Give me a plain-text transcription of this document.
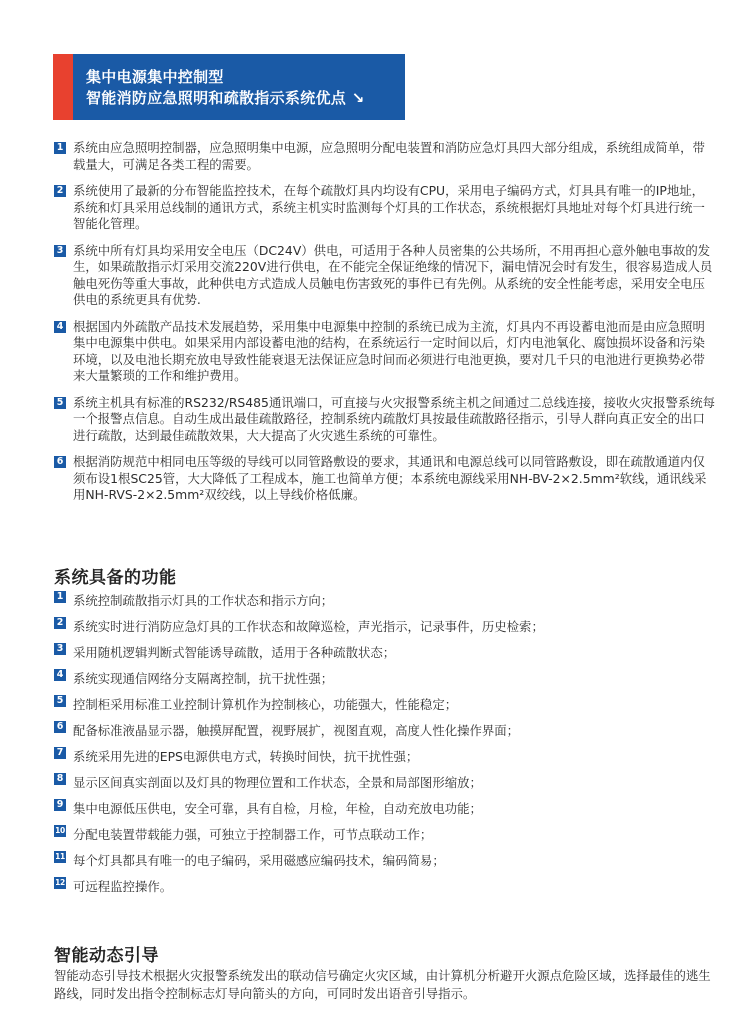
集中电源集中控制型
智能消防应急照明和疏散指示系统优点 ↘
1 系统由应急照明控制器，应急照明集中电源，应急照明分配电装置和消防应急灯具四大部分组成，系统组成简单，带载量大，可满足各类工程的需要。
2 系统使用了最新的分布智能监控技术，在每个疏散灯具内均设有CPU，采用电子编码方式，灯具具有唯一的IP地址，系统和灯具采用总线制的通讯方式，系统主机实时监测每个灯具的工作状态，系统根据灯具地址对每个灯具进行统一智能化管理。
3 系统中所有灯具均采用安全电压（DC24V）供电，可适用于各种人员密集的公共场所，不用再担心意外触电事故的发生，如果疏散指示灯采用交流220V进行供电，在不能完全保证绝缘的情况下，漏电情况会时有发生，很容易造成人员触电死伤等重大事故，此种供电方式造成人员触电伤害致死的事件已有先例。从系统的安全性能考虑，采用安全电压供电的系统更具有优势.
4 根据国内外疏散产品技术发展趋势，采用集中电源集中控制的系统已成为主流，灯具内不再设蓄电池而是由应急照明集中电源集中供电。如果采用内部设蓄电池的结构，在系统运行一定时间以后，灯内电池氧化、腐蚀损坏设备和污染环境，以及电池长期充放电导致性能衰退无法保证应急时间而必须进行电池更换，要对几千只的电池进行更换势必带来大量繁琐的工作和维护费用。
5 系统主机具有标准的RS232/RS485通讯端口，可直接与火灾报警系统主机之间通过二总线连接，接收火灾报警系统每一个报警点信息。自动生成出最佳疏散路径，控制系统内疏散灯具按最佳疏散路径指示，引导人群向真正安全的出口进行疏散，达到最佳疏散效果，大大提高了火灾逃生系统的可靠性。
6 根据消防规范中相同电压等级的导线可以同管路敷设的要求，其通讯和电源总线可以同管路敷设，即在疏散通道内仅须布设1根SC25管，大大降低了工程成本，施工也简单方便；本系统电源线采用NH-BV-2×2.5mm²软线，通讯线采用NH-RVS-2×2.5mm²双绞线，以上导线价格低廉。
系统具备的功能
1 系统控制疏散指示灯具的工作状态和指示方向；
2 系统实时进行消防应急灯具的工作状态和故障巡检，声光指示，记录事件，历史检索；
3 采用随机逻辑判断式智能诱导疏散，适用于各种疏散状态；
4 系统实现通信网络分支隔离控制，抗干扰性强；
5 控制柜采用标准工业控制计算机作为控制核心，功能强大，性能稳定；
6 配备标准液晶显示器，触摸屏配置，视野展扩，视图直观，高度人性化操作界面；
7 系统采用先进的EPS电源供电方式，转换时间快，抗干扰性强；
8 显示区间真实剖面以及灯具的物理位置和工作状态，全景和局部图形缩放；
9 集中电源低压供电，安全可靠，具有自检，月检，年检，自动充放电功能；
10 分配电装置带载能力强，可独立于控制器工作，可节点联动工作；
11 每个灯具都具有唯一的电子编码，采用磁感应编码技术，编码简易；
12 可远程监控操作。
智能动态引导
智能动态引导技术根据火灾报警系统发出的联动信号确定火灾区域，由计算机分析避开火源点危险区域，选择最佳的逃生路线，同时发出指令控制标志灯导向箭头的方向，可同时发出语音引导指示。
